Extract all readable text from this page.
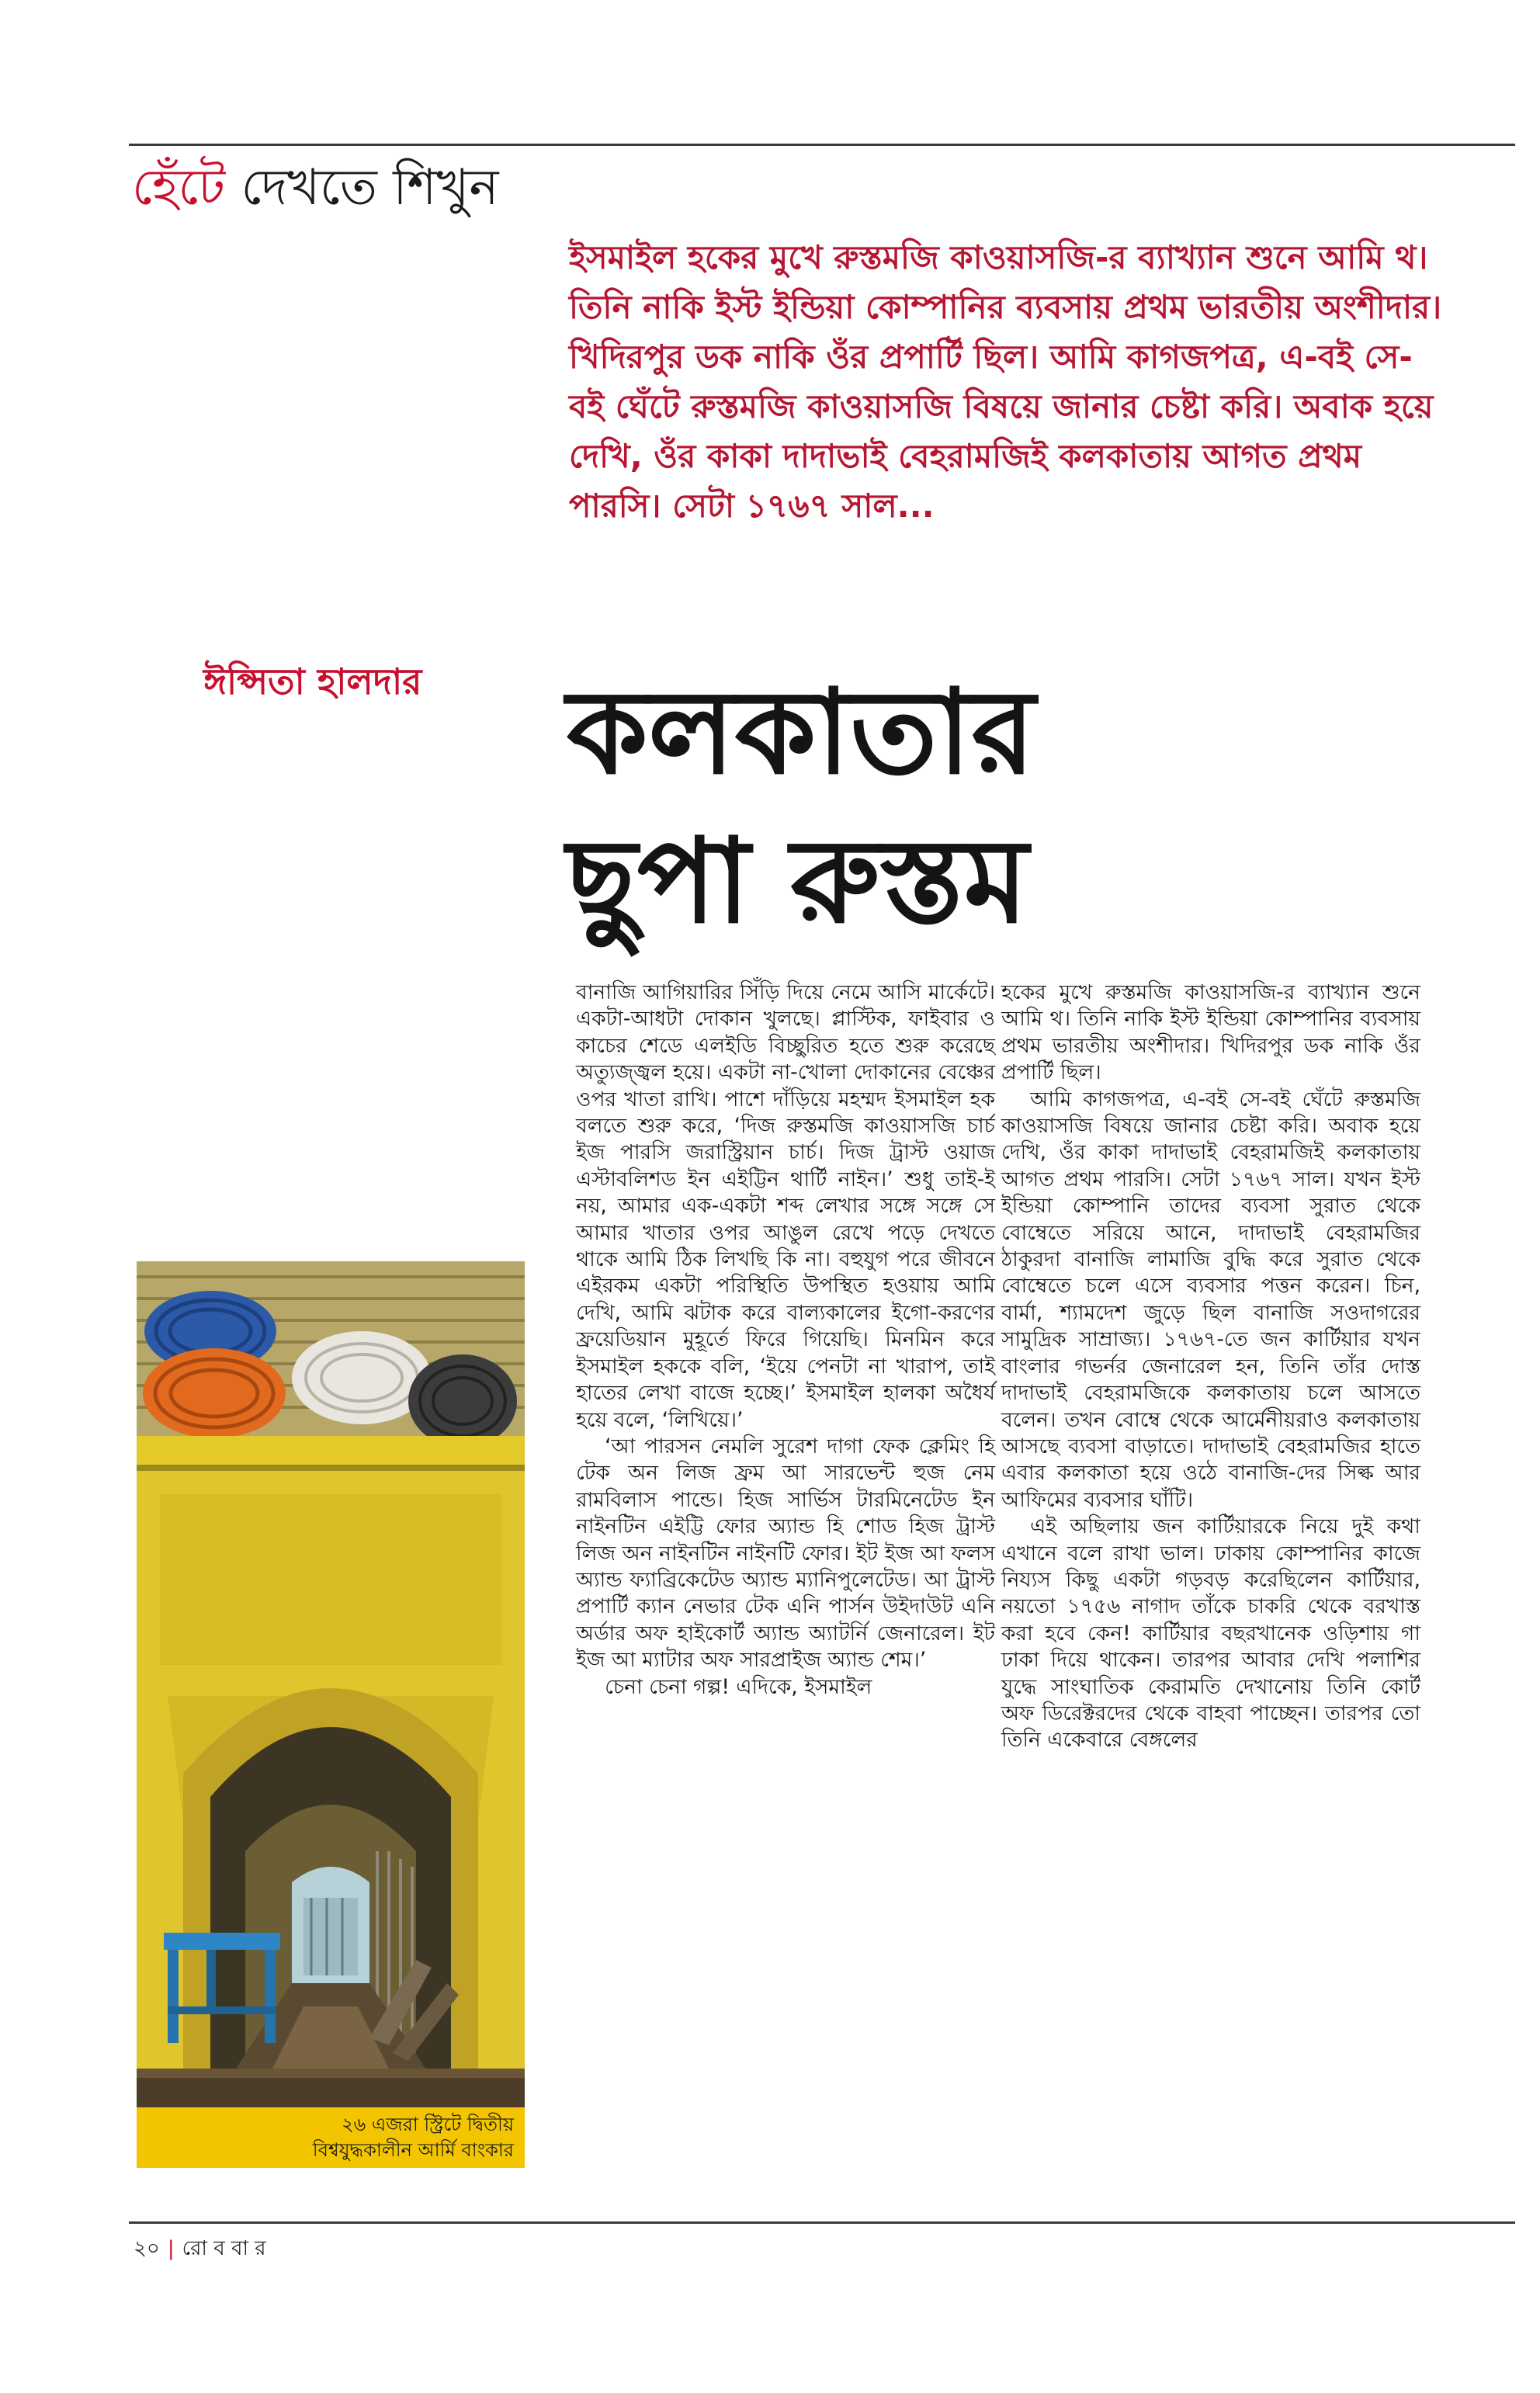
হেঁটে দেখতে শিখুন

ইসমাইল হকের মুখে রুস্তমজি কাওয়াসজি-র ব্যাখ্যান শুনে আমি থ। তিনি নাকি ইস্ট ইন্ডিয়া কোম্পানির ব্যবসায় প্রথম ভারতীয় অংশীদার। খিদিরপুর ডক নাকি ওঁর প্রপার্টি ছিল। আমি কাগজপত্র, এ-বই সে-বই ঘেঁটে রুস্তমজি কাওয়াসজি বিষয়ে জানার চেষ্টা করি। অবাক হয়ে দেখি, ওঁর কাকা দাদাভাই বেহরামজিই কলকাতায় আগত প্রথম পারসি। সেটা ১৭৬৭ সাল...

ঈপ্সিতা হালদার কলকাতার
ছুপা রুস্তম
২৬ এজরা স্ট্রিটে দ্বিতীয়
বিশ্বযুদ্ধকালীন আর্মি বাংকার

বানাজি আগিয়ারির সিঁড়ি দিয়ে নেমে আসি মার্কেটে। একটা-আধটা দোকান খুলছে। প্লাস্টিক, ফাইবার ও কাচের শেডে এলইডি বিচ্ছুরিত হতে শুরু করেছে অত্যুজ্জ্বল হয়ে। একটা না-খোলা দোকানের বেঞ্চের ওপর খাতা রাখি। পাশে দাঁড়িয়ে মহম্মদ ইসমাইল হক বলতে শুরু করে, ‘দিজ রুস্তমজি কাওয়াসজি চার্চ ইজ পারসি জরাস্ট্রিয়ান চার্চ। দিজ ট্রাস্ট ওয়াজ এস্টাবলিশড ইন এইট্টিন থার্টি নাইন।’ শুধু তাই-ই নয়, আমার এক-একটা শব্দ লেখার সঙ্গে সঙ্গে সে আমার খাতার ওপর আঙুল রেখে পড়ে দেখতে থাকে আমি ঠিক লিখছি কি না। বহুযুগ পরে জীবনে এইরকম একটা পরিস্থিতি উপস্থিত হওয়ায় আমি দেখি, আমি ঝটাক করে বাল্যকালের ইগো-করণের ফ্রয়েডিয়ান মুহূর্তে ফিরে গিয়েছি। মিনমিন করে ইসমাইল হককে বলি, ‘ইয়ে পেনটা না খারাপ, তাই হাতের লেখা বাজে হচ্ছে।’ ইসমাইল হালকা অধৈর্য হয়ে বলে, ‘লিখিয়ে।’

‘আ পারসন নেমলি সুরেশ দাগা ফেক ক্লেমিং হি টেক অন লিজ ফ্রম আ সারভেন্ট হুজ নেম রামবিলাস পান্ডে। হিজ সার্ভিস টারমিনেটেড ইন নাইনটিন এইট্টি ফোর অ্যান্ড হি শোড হিজ ট্রাস্ট লিজ অন নাইনটিন নাইনটি ফোর। ইট ইজ আ ফলস অ্যান্ড ফ্যাব্রিকেটেড অ্যান্ড ম্যানিপুলেটেড। আ ট্রাস্ট প্রপার্টি ক্যান নেভার টেক এনি পার্সন উইদাউট এনি অর্ডার অফ হাইকোর্ট অ্যান্ড অ্যাটর্নি জেনারেল। ইট ইজ আ ম্যাটার অফ সারপ্রাইজ অ্যান্ড শেম।’

চেনা চেনা গল্প! এদিকে, ইসমাইল

হকের মুখে রুস্তমজি কাওয়াসজি-র ব্যাখ্যান শুনে আমি থ। তিনি নাকি ইস্ট ইন্ডিয়া কোম্পানির ব্যবসায় প্রথম ভারতীয় অংশীদার। খিদিরপুর ডক নাকি ওঁর প্রপার্টি ছিল।

আমি কাগজপত্র, এ-বই সে-বই ঘেঁটে রুস্তমজি কাওয়াসজি বিষয়ে জানার চেষ্টা করি। অবাক হয়ে দেখি, ওঁর কাকা দাদাভাই বেহরামজিই কলকাতায় আগত প্রথম পারসি। সেটা ১৭৬৭ সাল। যখন ইস্ট ইন্ডিয়া কোম্পানি তাদের ব্যবসা সুরাত থেকে বোম্বেতে সরিয়ে আনে, দাদাভাই বেহরামজির ঠাকুরদা বানাজি লামাজি বুদ্ধি করে সুরাত থেকে বোম্বেতে চলে এসে ব্যবসার পত্তন করেন। চিন, বার্মা, শ্যামদেশ জুড়ে ছিল বানাজি সওদাগরের সামুদ্রিক সাম্রাজ্য। ১৭৬৭-তে জন কার্টিয়ার যখন বাংলার গভর্নর জেনারেল হন, তিনি তাঁর দোস্ত দাদাভাই বেহরামজিকে কলকাতায় চলে আসতে বলেন। তখন বোম্বে থেকে আর্মেনীয়রাও কলকাতায় আসছে ব্যবসা বাড়াতে। দাদাভাই বেহরামজির হাতে এবার কলকাতা হয়ে ওঠে বানাজি-দের সিল্ক আর আফিমের ব্যবসার ঘাঁটি।

এই অছিলায় জন কার্টিয়ারকে নিয়ে দুই কথা এখানে বলে রাখা ভাল। ঢাকায় কোম্পানির কাজে নিয্যস কিছু একটা গড়বড় করেছিলেন কার্টিয়ার, নয়তো ১৭৫৬ নাগাদ তাঁকে চাকরি থেকে বরখাস্ত করা হবে কেন! কার্টিয়ার বছরখানেক ওড়িশায় গা ঢাকা দিয়ে থাকেন। তারপর আবার দেখি পলাশির যুদ্ধে সাংঘাতিক কেরামতি দেখানোয় তিনি কোর্ট অফ ডিরেক্টরদের থেকে বাহবা পাচ্ছেন। তারপর তো তিনি একেবারে বেঙ্গলের

২০ | রো ব বা র
